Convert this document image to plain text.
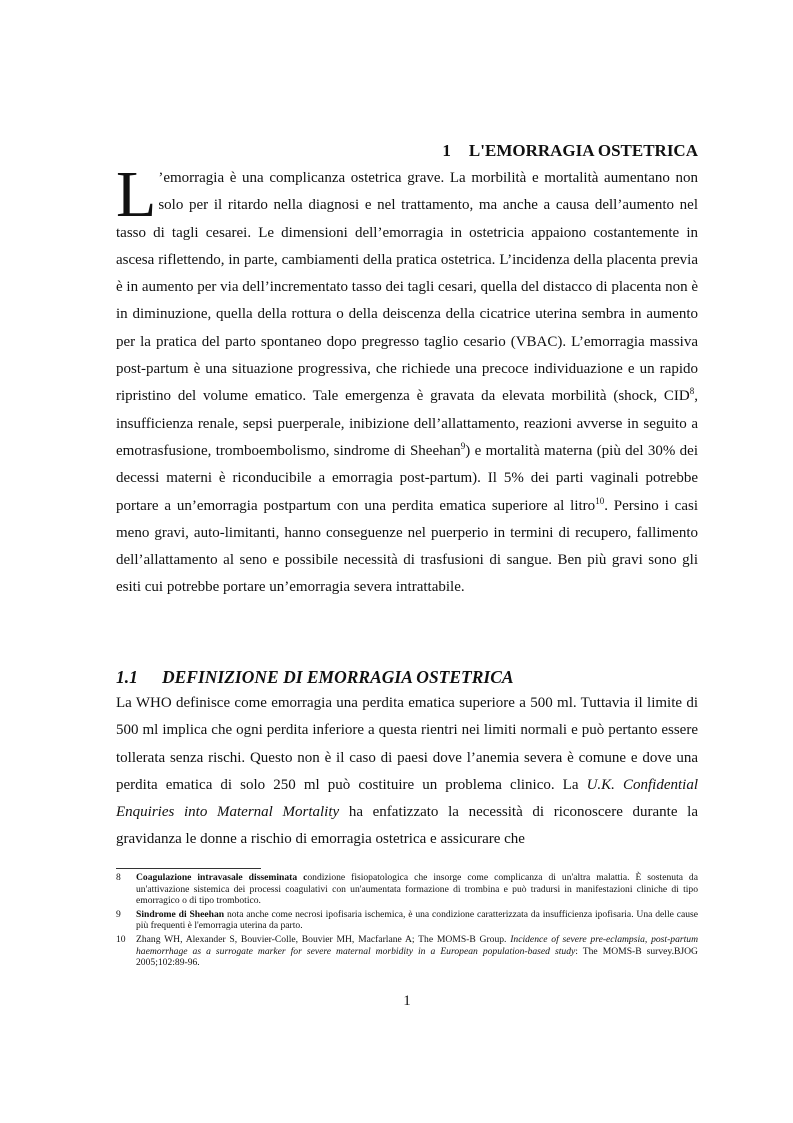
1 L'EMORRAGIA OSTETRICA

L ’emorragia è una complicanza ostetrica grave. La morbilità e mortalità aumentano non solo per il ritardo nella diagnosi e nel trattamento, ma anche a causa dell’aumento nel tasso di tagli cesarei. Le dimensioni dell’emorragia in ostetricia appaiono costantemente in ascesa riflettendo, in parte, cambiamenti della pratica ostetrica. L’incidenza della placenta previa è in aumento per via dell’incrementato tasso dei tagli cesari, quella del distacco di placenta non è in diminuzione, quella della rottura o della deiscenza della cicatrice uterina sembra in aumento per la pratica del parto spontaneo dopo pregresso taglio cesario (VBAC). L’emorragia massiva post-partum è una situazione progressiva, che richiede una precoce individuazione e un rapido ripristino del volume ematico. Tale emergenza è gravata da elevata morbilità (shock, CID$^8$, insufficienza renale, sepsi puerperale, inibizione dell’allattamento, reazioni avverse in seguito a emotrasfusione, tromboembolismo, sindrome di Sheehan$^9$) e mortalità materna (più del 30% dei decessi materni è riconducibile a emorragia post-partum). Il 5% dei parti vaginali potrebbe portare a un’emorragia postpartum con una perdita ematica superiore al litro$^{10}$. Persino i casi meno gravi, auto-limitanti, hanno conseguenze nel puerperio in termini di recupero, fallimento dell’allattamento al seno e possibile necessità di trasfusioni di sangue. Ben più gravi sono gli esiti cui potrebbe portare un’emorragia severa intrattabile.

1.1 DEFINIZIONE DI EMORRAGIA OSTETRICA

La WHO definisce come emorragia una perdita ematica superiore a 500 ml. Tuttavia il limite di 500 ml implica che ogni perdita inferiore a questa rientri nei limiti normali e può pertanto essere tollerata senza rischi. Questo non è il caso di paesi dove l’anemia severa è comune e dove una perdita ematica di solo 250 ml può costituire un problema clinico. La U.K. Confidential Enquiries into Maternal Mortality ha enfatizzato la necessità di riconoscere durante la gravidanza le donne a rischio di emorragia ostetrica e assicurare che

8	Coagulazione intravasale disseminata condizione fisiopatologica che insorge come complicanza di un'altra malattia. È sostenuta da un'attivazione sistemica dei processi coagulativi con un'aumentata formazione di trombina e può tradursi in manifestazioni cliniche di tipo emorragico o di tipo trombotico.
9	Sindrome di Sheehan nota anche come necrosi ipofisaria ischemica, è una condizione caratterizzata da insufficienza ipofisaria. Una delle cause più frequenti è l'emorragia uterina da parto.
10	Zhang WH, Alexander S, Bouvier-Colle, Bouvier MH, Macfarlane A; The MOMS-B Group. Incidence of severe pre-eclampsia, post-partum haemorrhage as a surrogate marker for severe maternal morbidity in a European population-based study: The MOMS-B survey.BJOG 2005;102:89-96.
1
